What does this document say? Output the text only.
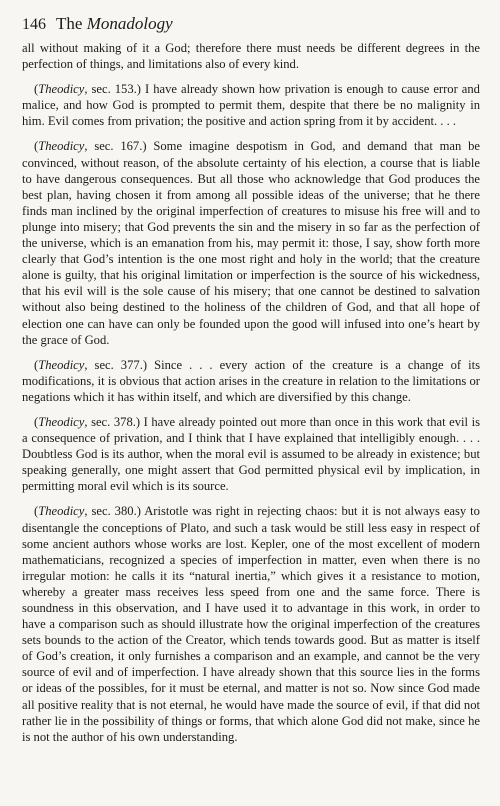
146 The Monadology

all without making of it a God; therefore there must needs be different degrees in the perfection of things, and limitations also of every kind.

(Theodicy, sec. 153.) I have already shown how privation is enough to cause error and malice, and how God is prompted to permit them, despite that there be no malignity in him. Evil comes from privation; the positive and action spring from it by accident. . . .

(Theodicy, sec. 167.) Some imagine despotism in God, and demand that man be convinced, without reason, of the absolute certainty of his election, a course that is liable to have dangerous consequences. But all those who acknowledge that God produces the best plan, having chosen it from among all possible ideas of the universe; that he there finds man inclined by the original imperfection of creatures to misuse his free will and to plunge into misery; that God prevents the sin and the misery in so far as the perfection of the universe, which is an emanation from his, may permit it: those, I say, show forth more clearly that God’s intention is the one most right and holy in the world; that the creature alone is guilty, that his original limitation or imperfection is the source of his wickedness, that his evil will is the sole cause of his misery; that one cannot be destined to salvation without also being destined to the holiness of the children of God, and that all hope of election one can have can only be founded upon the good will infused into one’s heart by the grace of God.

(Theodicy, sec. 377.) Since . . . every action of the creature is a change of its modifications, it is obvious that action arises in the creature in relation to the limitations or negations which it has within itself, and which are diversified by this change.

(Theodicy, sec. 378.) I have already pointed out more than once in this work that evil is a consequence of privation, and I think that I have explained that intelligibly enough. . . . Doubtless God is its author, when the moral evil is assumed to be already in existence; but speaking generally, one might assert that God permitted physical evil by implication, in permitting moral evil which is its source.

(Theodicy, sec. 380.) Aristotle was right in rejecting chaos: but it is not always easy to disentangle the conceptions of Plato, and such a task would be still less easy in respect of some ancient authors whose works are lost. Kepler, one of the most excellent of modern mathematicians, recognized a species of imperfection in matter, even when there is no irregular motion: he calls it its “natural inertia,” which gives it a resistance to motion, whereby a greater mass receives less speed from one and the same force. There is soundness in this observation, and I have used it to advantage in this work, in order to have a comparison such as should illustrate how the original imperfection of the creatures sets bounds to the action of the Creator, which tends towards good. But as matter is itself of God’s creation, it only furnishes a comparison and an example, and cannot be the very source of evil and of imperfection. I have already shown that this source lies in the forms or ideas of the possibles, for it must be eternal, and matter is not so. Now since God made all positive reality that is not eternal, he would have made the source of evil, if that did not rather lie in the possibility of things or forms, that which alone God did not make, since he is not the author of his own understanding.
